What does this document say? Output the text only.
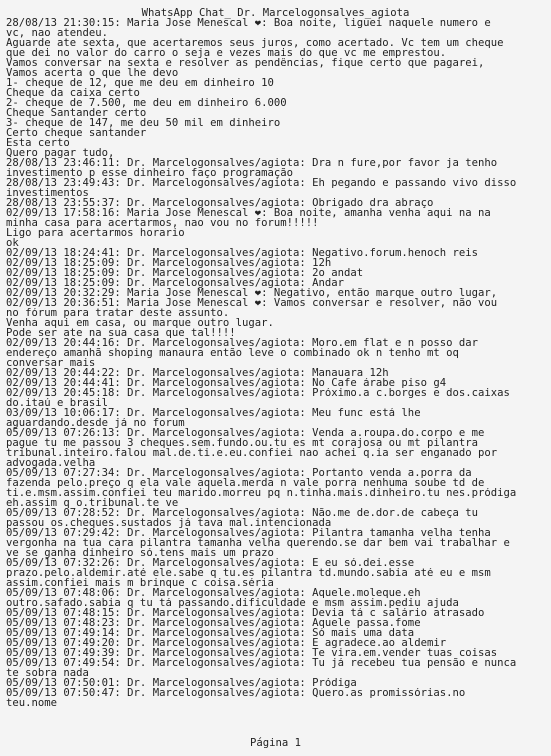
WhatsApp Chat_ Dr. Marcelogonsalves_agiota
28/08/13 21:30:15: Maria Jose Menescal ❤: Boa noite, liguei naquele numero e
vc, nao atendeu.
Aguarde ate sexta, que acertaremos seus juros, como acertado. Vc tem um cheque
que dei no valor do carro o seja e vezes mais do que vc me emprestou.
Vamos conversar na sexta e resolver as pendências, fique certo que pagarei,
Vamos acerta o que lhe devo
1- cheque de 12, que me deu em dinheiro 10
Cheque da caixa certo
2- cheque de 7.500, me deu em dinheiro 6.000
Cheque Santander certo
3- cheque de 147, me deu 50 mil em dinheiro
Certo cheque santander
Esta certo
Quero pagar tudo,
28/08/13 23:46:11: Dr. Marcelogonsalves/agiota: Dra n fure,por favor ja tenho
investimento p esse dinheiro faço programação
28/08/13 23:49:43: Dr. Marcelogonsalves/agiota: Eh pegando e passando vivo disso
investimentos
28/08/13 23:55:37: Dr. Marcelogonsalves/agiota: Obrigado dra abraço
02/09/13 17:58:16: Maria Jose Menescal ❤: Boa noite, amanha venha aqui na na
minha casa para acertarmos, nao vou no forum!!!!!
Ligo para acertarmos horario
ok
02/09/13 18:24:41: Dr. Marcelogonsalves/agiota: Negativo.forum.henoch reis
02/09/13 18:25:09: Dr. Marcelogonsalves/agiota: 12h
02/09/13 18:25:09: Dr. Marcelogonsalves/agiota: 2o andat
02/09/13 18:25:09: Dr. Marcelogonsalves/agiota: Andar
02/09/13 20:32:29: Maria Jose Menescal ❤: Negativo, então marque outro lugar,
02/09/13 20:36:51: Maria Jose Menescal ❤: Vamos conversar e resolver, não vou
no fórum para tratar deste assunto.
Venha aqui em casa, ou marque outro lugar.
Pode ser ate na sua casa que tal!!!!
02/09/13 20:44:16: Dr. Marcelogonsalves/agiota: Moro.em flat e n posso dar
endereço amanhã shoping manaura então leve o combinado ok n tenho mt oq
conversar mais
02/09/13 20:44:22: Dr. Marcelogonsalves/agiota: Manauara 12h
02/09/13 20:44:41: Dr. Marcelogonsalves/agiota: No Cafe árabe piso g4
02/09/13 20:45:18: Dr. Marcelogonsalves/agiota: Próximo.a c.borges e dos.caixas
do.itaú e brasil
03/09/13 10:06:17: Dr. Marcelogonsalves/agiota: Meu func está lhe
aguardando.desde já no forum
05/09/13 07:26:13: Dr. Marcelogonsalves/agiota: Venda a.roupa.do.corpo e me
pague tu me passou 3 cheques.sem.fundo.ou.tu es mt corajosa ou mt pilantra
tribunal.inteiro.falou mal.de.ti.e.eu.confiei nao achei q.ia ser enganado por
advogada.velha
05/09/13 07:27:34: Dr. Marcelogonsalves/agiota: Portanto venda a.porra da
fazenda pelo.preço q ela vale aquela.merda n vale porra nenhuma soube td de
ti.e.msm.assim.confiei teu marido.morreu pq n.tinha.mais.dinheiro.tu nes.pródiga
eh.assim q o.tribunal.te ve
05/09/13 07:28:52: Dr. Marcelogonsalves/agiota: Não.me de.dor.de cabeça tu
passou os.cheques.sustados já tava mal.intencionada
05/09/13 07:29:42: Dr. Marcelogonsalves/agiota: Pilantra tamanha velha tenha
vergonha na tua cara pilantra tamanha velha querendo.se dar bem vai trabalhar e
ve se ganha dinheiro só.tens mais um prazo
05/09/13 07:32:26: Dr. Marcelogonsalves/agiota: E eu só.dei.esse
prazo.pelo.aldemir.até ele.sabe q tu.es pilantra td.mundo.sabia até eu e msm
assim.confiei mais m brinque c coisa.séria
05/09/13 07:48:06: Dr. Marcelogonsalves/agiota: Aquele.moleque.eh
outro.safado.sabia q tu tá passando.dificuldade e msm assim.pediu ajuda
05/09/13 07:48:15: Dr. Marcelogonsalves/agiota: Devia tá c salário atrasado
05/09/13 07:48:23: Dr. Marcelogonsalves/agiota: Aquele passa.fome
05/09/13 07:49:14: Dr. Marcelogonsalves/agiota: Só mais uma data
05/09/13 07:49:20: Dr. Marcelogonsalves/agiota: E agradece.ao aldemir
05/09/13 07:49:39: Dr. Marcelogonsalves/agiota: Te vira.em.vender tuas coisas
05/09/13 07:49:54: Dr. Marcelogonsalves/agiota: Tu já recebeu tua pensão e nunca
te sobra nada
05/09/13 07:50:01: Dr. Marcelogonsalves/agiota: Pródiga
05/09/13 07:50:47: Dr. Marcelogonsalves/agiota: Quero.as promissórias.no
teu.nome
Página 1
